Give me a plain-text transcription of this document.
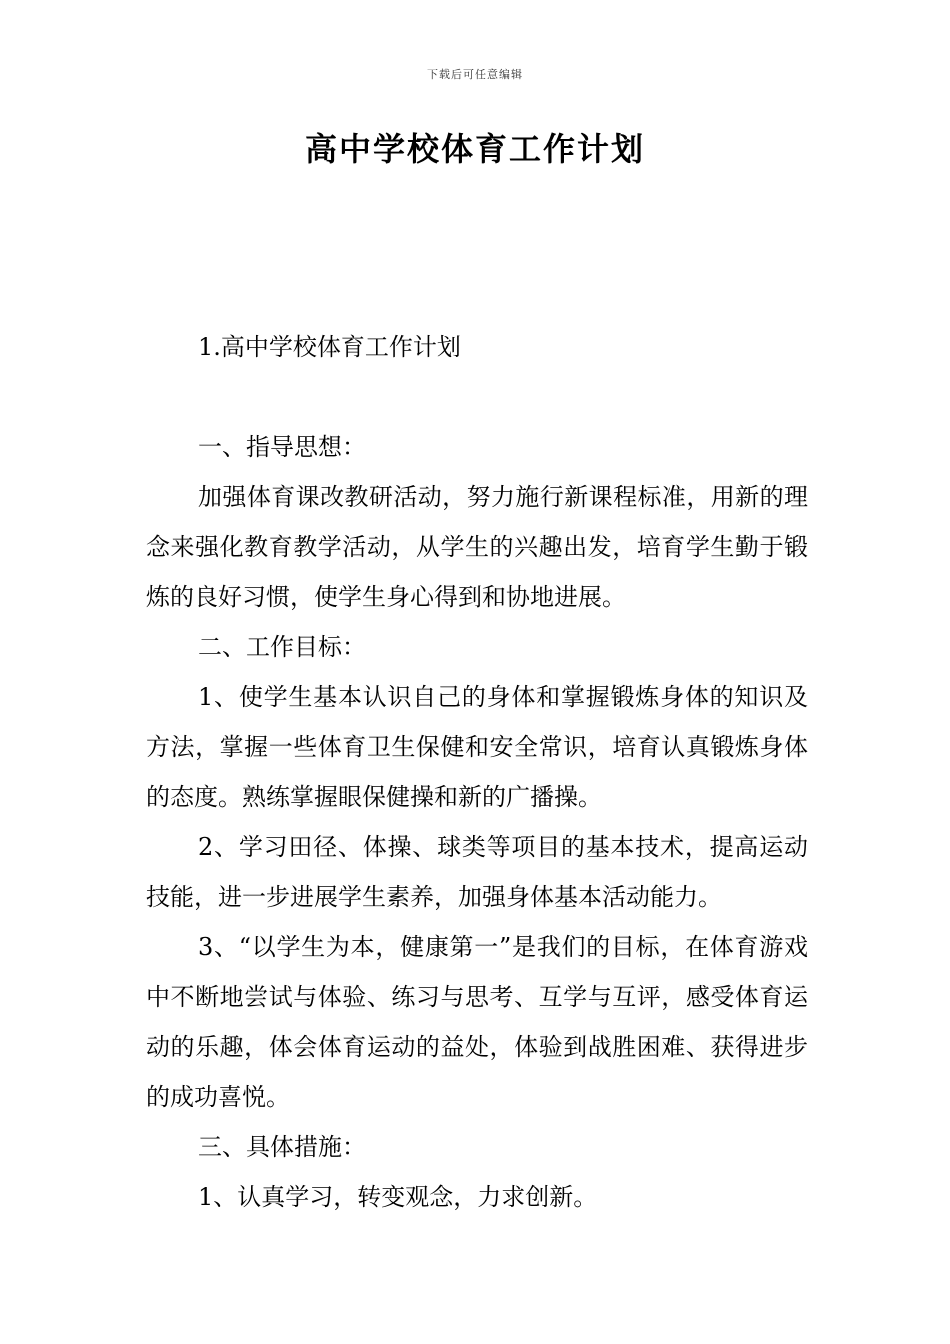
下载后可任意编辑
高中学校体育工作计划

1.高中学校体育工作计划

一、指导思想：

加强体育课改教研活动，努力施行新课程标准，用新的理念来强化教育教学活动，从学生的兴趣出发，培育学生勤于锻炼的良好习惯，使学生身心得到和协地进展。

二、工作目标：

1、使学生基本认识自己的身体和掌握锻炼身体的知识及方法，掌握一些体育卫生保健和安全常识，培育认真锻炼身体的态度。熟练掌握眼保健操和新的广播操。

2、学习田径、体操、球类等项目的基本技术，提高运动技能，进一步进展学生素养，加强身体基本活动能力。

3、“以学生为本，健康第一”是我们的目标，在体育游戏中不断地尝试与体验、练习与思考、互学与互评，感受体育运动的乐趣，体会体育运动的益处，体验到战胜困难、获得进步的成功喜悦。

三、具体措施：

1、认真学习，转变观念，力求创新。
